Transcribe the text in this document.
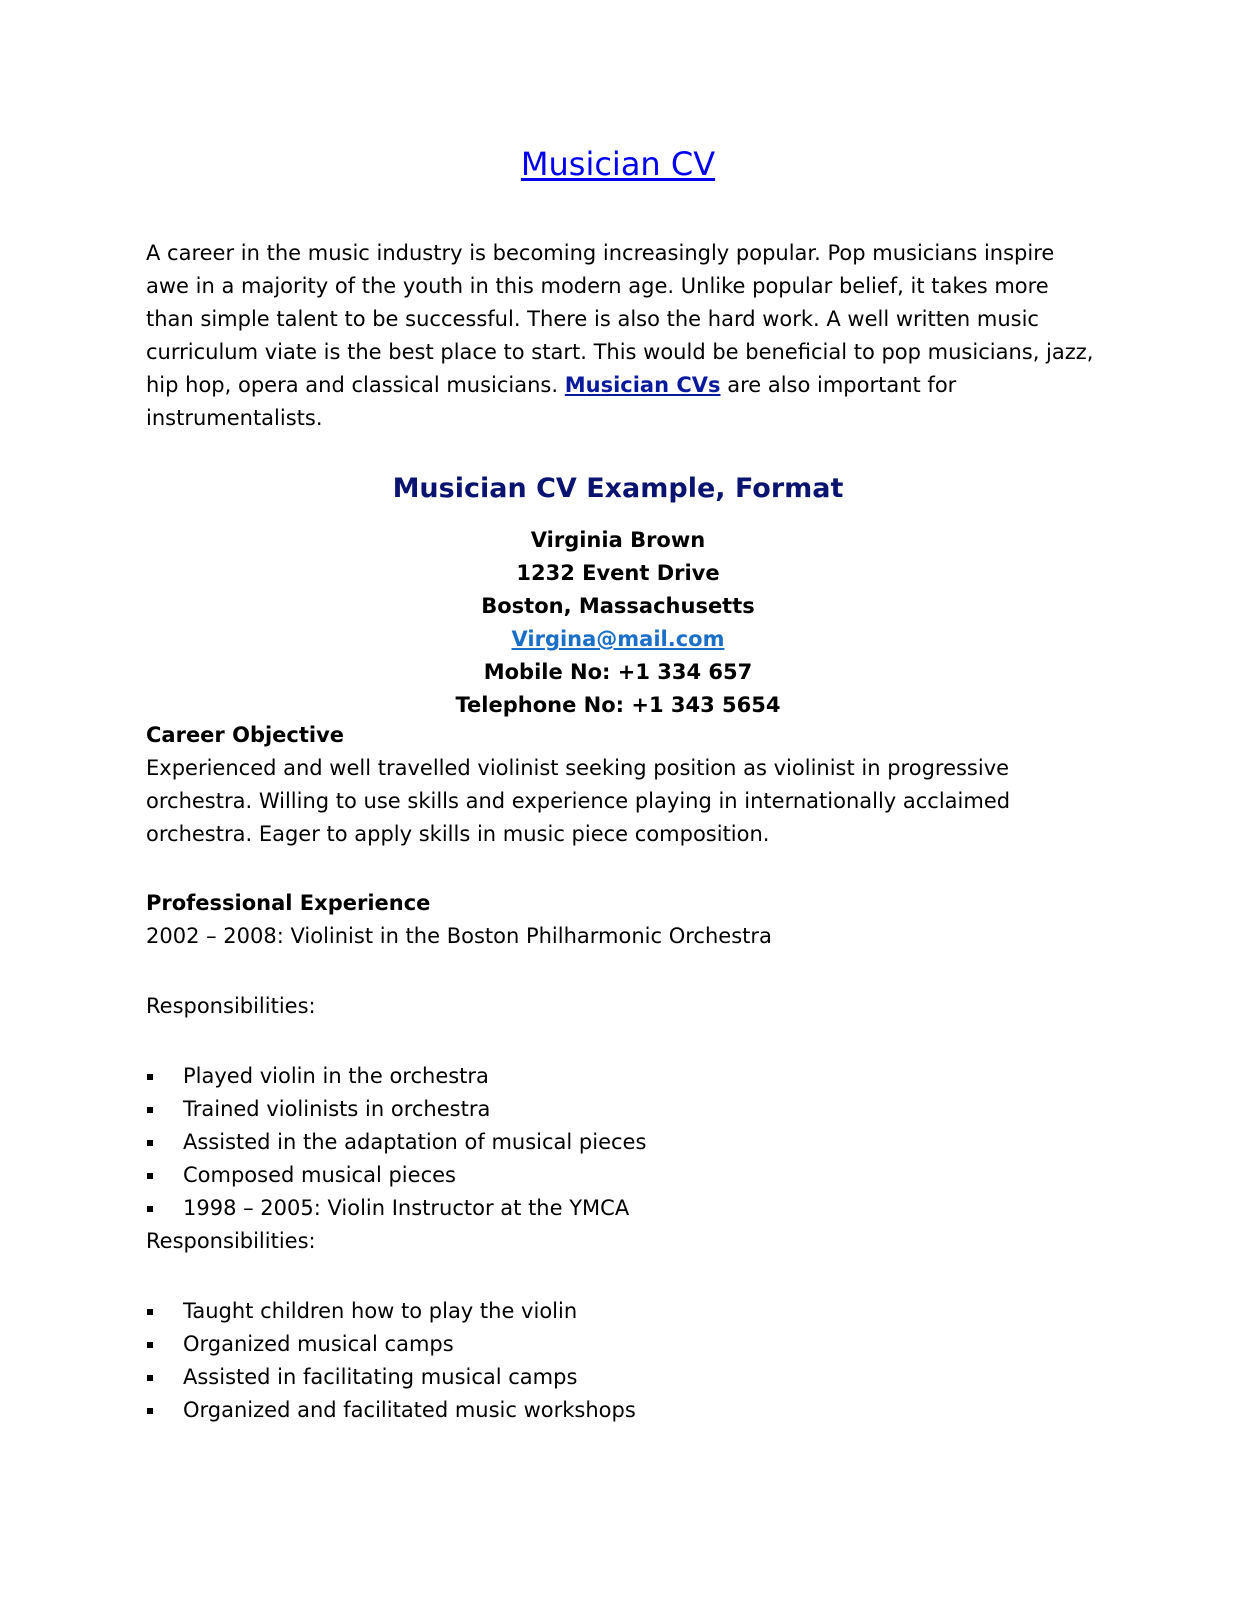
Musician CV

A career in the music industry is becoming increasingly popular. Pop musicians inspire awe in a majority of the youth in this modern age. Unlike popular belief, it takes more than simple talent to be successful. There is also the hard work. A well written music curriculum viate is the best place to start. This would be beneficial to pop musicians, jazz, hip hop, opera and classical musicians. Musician CVs are also important for instrumentalists.

Musician CV Example, Format
Virginia Brown
1232 Event Drive
Boston, Massachusetts
Virgina@mail.com
Mobile No: +1 334 657
Telephone No: +1 343 5654
Career Objective

Experienced and well travelled violinist seeking position as violinist in progressive

orchestra. Willing to use skills and experience playing in internationally acclaimed

orchestra. Eager to apply skills in music piece composition.

Professional Experience

2002 – 2008: Violinist in the Boston Philharmonic Orchestra

Responsibilities:

Played violin in the orchestra
Trained violinists in orchestra
Assisted in the adaptation of musical pieces
Composed musical pieces
1998 – 2005: Violin Instructor at the YMCA

Responsibilities:

Taught children how to play the violin
Organized musical camps
Assisted in facilitating musical camps
Organized and facilitated music workshops
